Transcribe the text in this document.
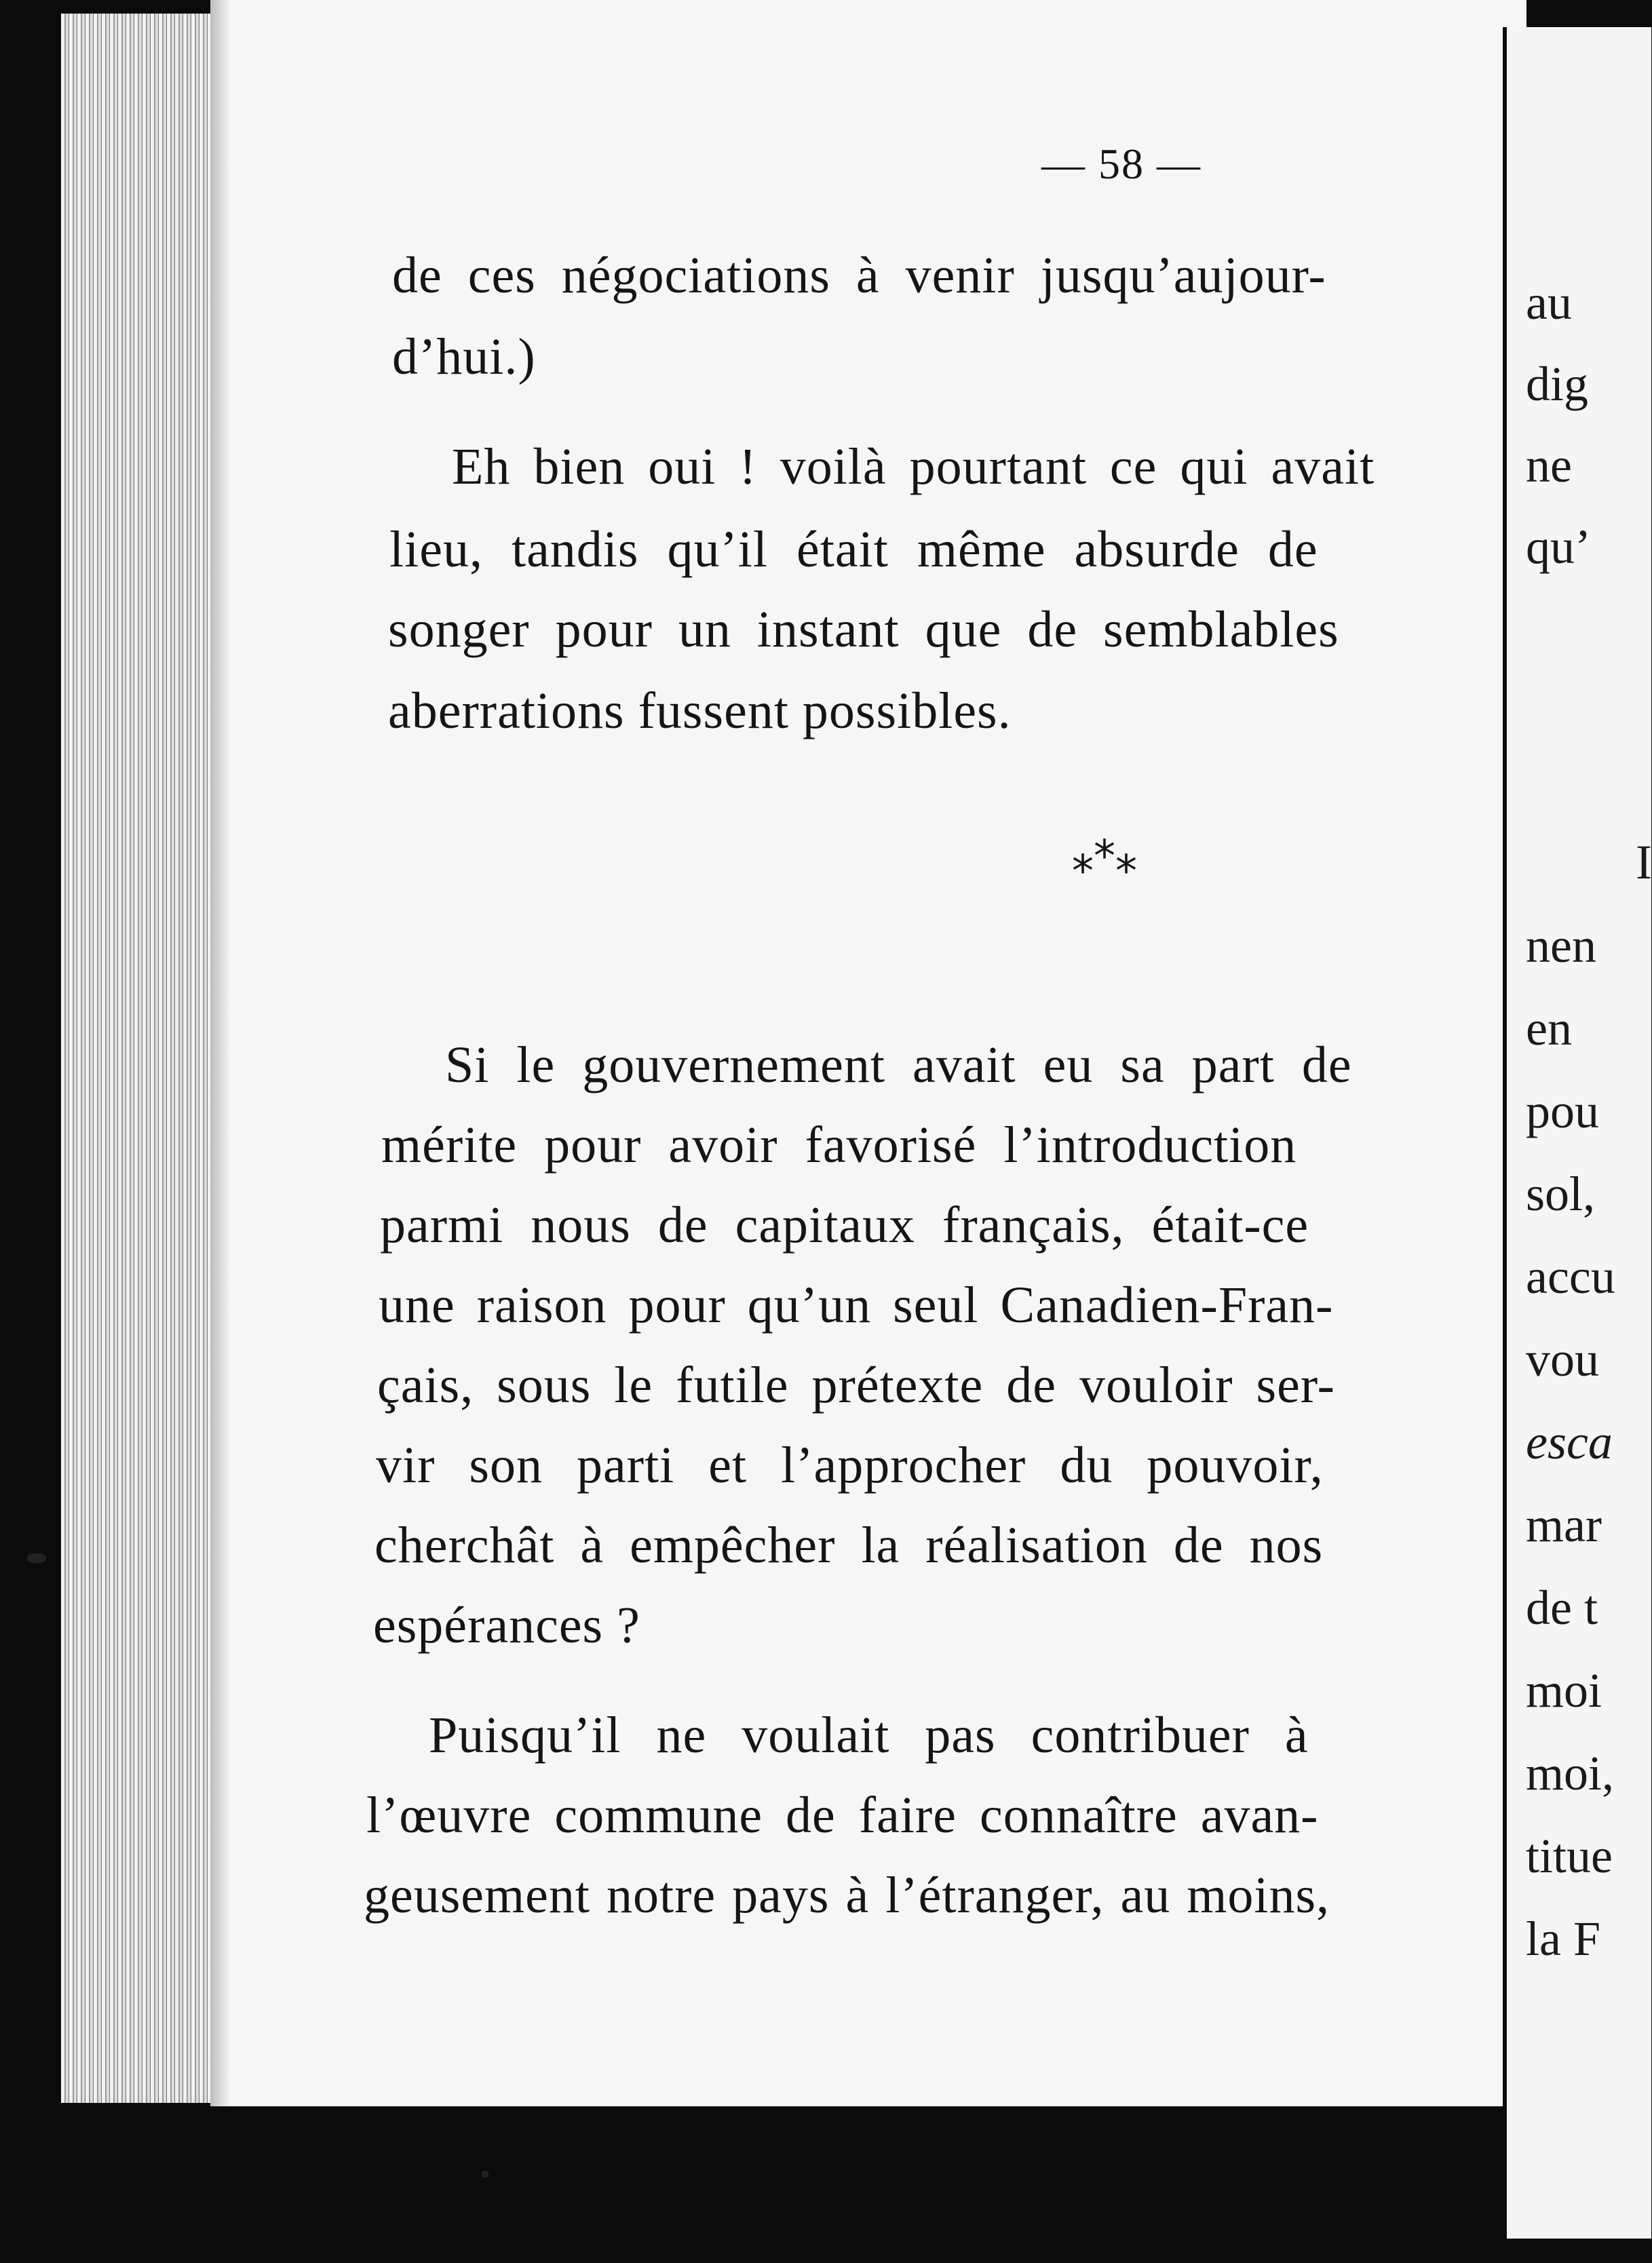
— 58 —
de ces négociations à venir jusqu’aujour-
d’hui.)
Eh bien oui ! voilà pourtant ce qui avait
lieu, tandis qu’il était même absurde de
songer pour un instant que de semblables
aberrations fussent possibles.
***
Si le gouvernement avait eu sa part de
mérite pour avoir favorisé l’introduction
parmi nous de capitaux français, était-ce
une raison pour qu’un seul Canadien-Fran-
çais, sous le futile prétexte de vouloir ser-
vir son parti et l’approcher du pouvoir,
cherchât à empêcher la réalisation de nos
espérances ?
Puisqu’il ne voulait pas contribuer à
l’œuvre commune de faire connaître avan-
geusement notre pays à l’étranger, au moins,
au
dig
ne
qu’
I
nen
en
pou
sol,
accu
vou
esca
mar
de t
moi
moi,
titue
la F
